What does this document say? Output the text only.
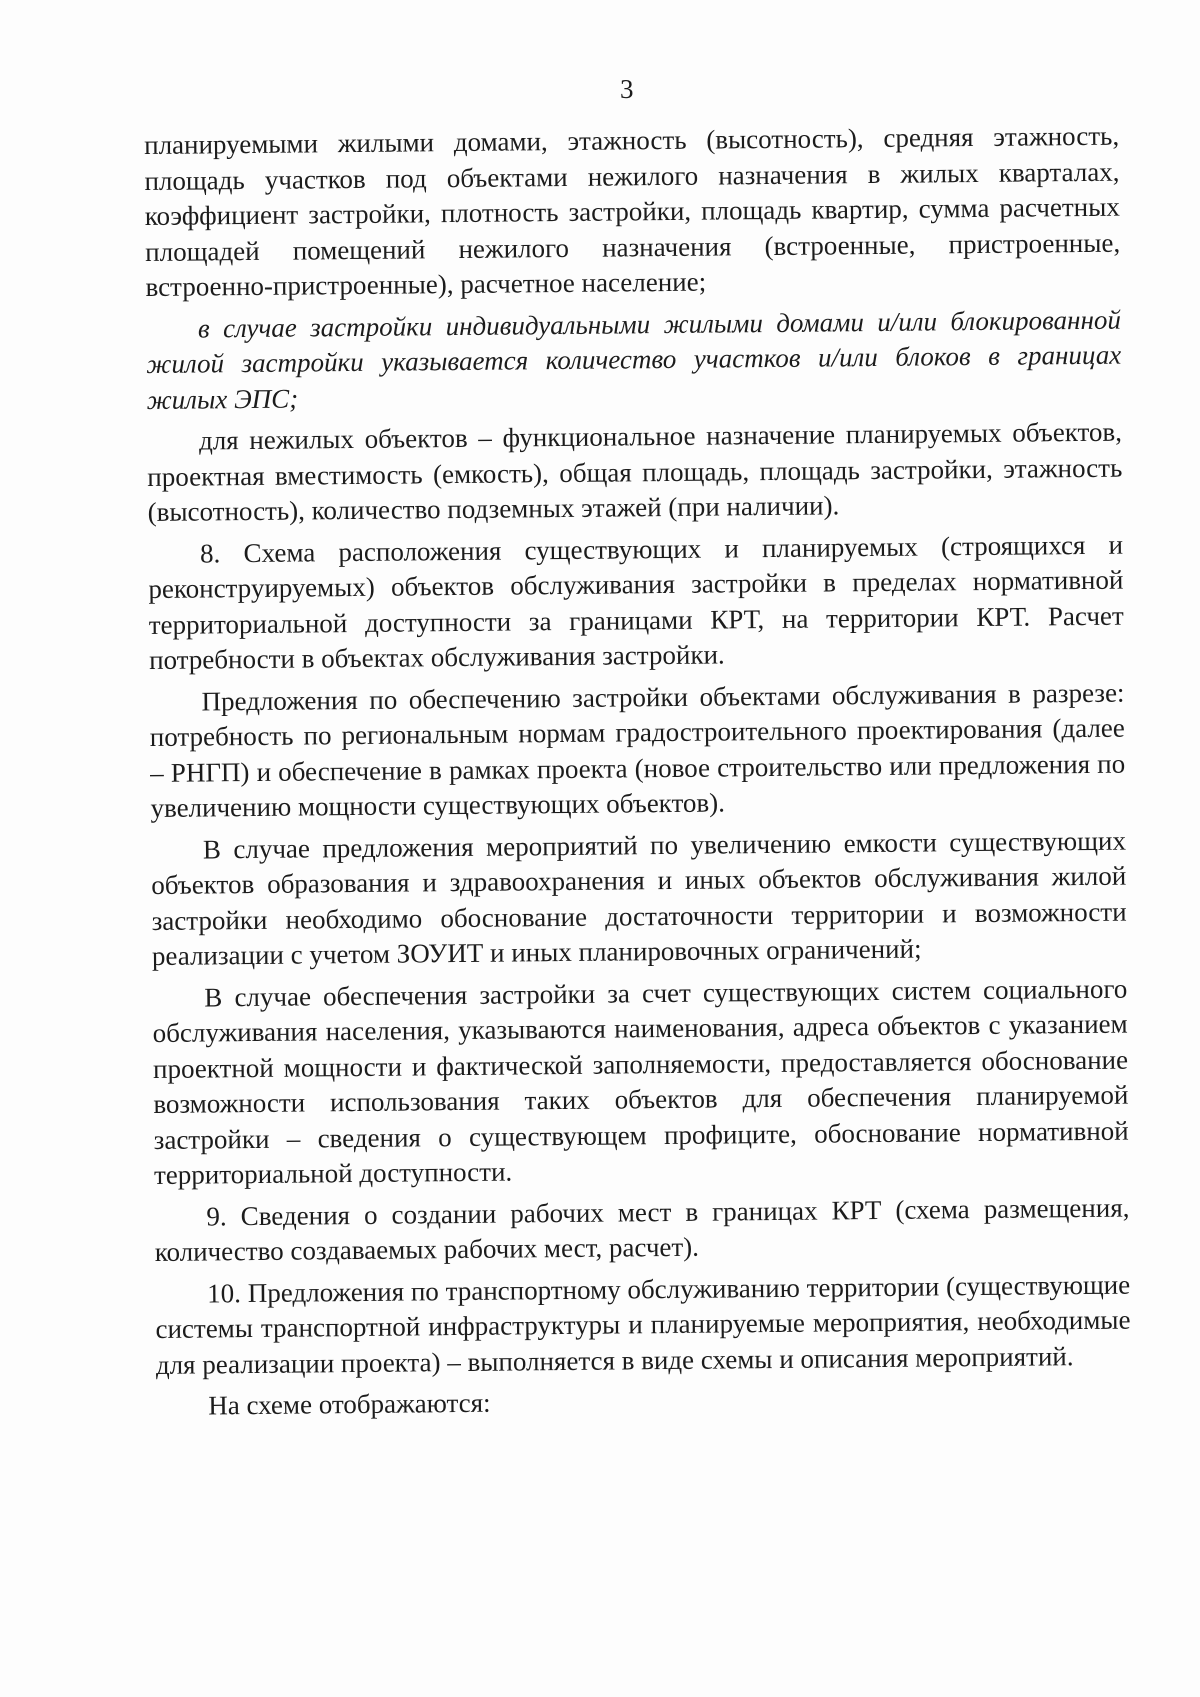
3

планируемыми жилыми домами, этажность (высотность), средняя этажность, площадь участков под объектами нежилого назначения в жилых кварталах, коэффициент застройки, плотность застройки, площадь квартир, сумма расчетных площадей помещений нежилого назначения (встроенные, пристроенные, встроенно-пристроенные), расчетное население;

в случае застройки индивидуальными жилыми домами и/или блокированной жилой застройки указывается количество участков и/или блоков в границах жилых ЭПС;

для нежилых объектов – функциональное назначение планируемых объектов, проектная вместимость (емкость), общая площадь, площадь застройки, этажность (высотность), количество подземных этажей (при наличии).

8. Схема расположения существующих и планируемых (строящихся и реконструируемых) объектов обслуживания застройки в пределах нормативной территориальной доступности за границами КРТ, на территории КРТ. Расчет потребности в объектах обслуживания застройки.

Предложения по обеспечению застройки объектами обслуживания в разрезе: потребность по региональным нормам градостроительного проектирования (далее – РНГП) и обеспечение в рамках проекта (новое строительство или предложения по увеличению мощности существующих объектов).

В случае предложения мероприятий по увеличению емкости существующих объектов образования и здравоохранения и иных объектов обслуживания жилой застройки необходимо обоснование достаточности территории и возможности реализации с учетом ЗОУИТ и иных планировочных ограничений;

В случае обеспечения застройки за счет существующих систем социального обслуживания населения, указываются наименования, адреса объектов с указанием проектной мощности и фактической заполняемости, предоставляется обоснование возможности использования таких объектов для обеспечения планируемой застройки – сведения о существующем профиците, обоснование нормативной территориальной доступности.

9. Сведения о создании рабочих мест в границах КРТ (схема размещения, количество создаваемых рабочих мест, расчет).

10. Предложения по транспортному обслуживанию территории (существующие системы транспортной инфраструктуры и планируемые мероприятия, необходимые для реализации проекта) – выполняется в виде схемы и описания мероприятий.

На схеме отображаются:
